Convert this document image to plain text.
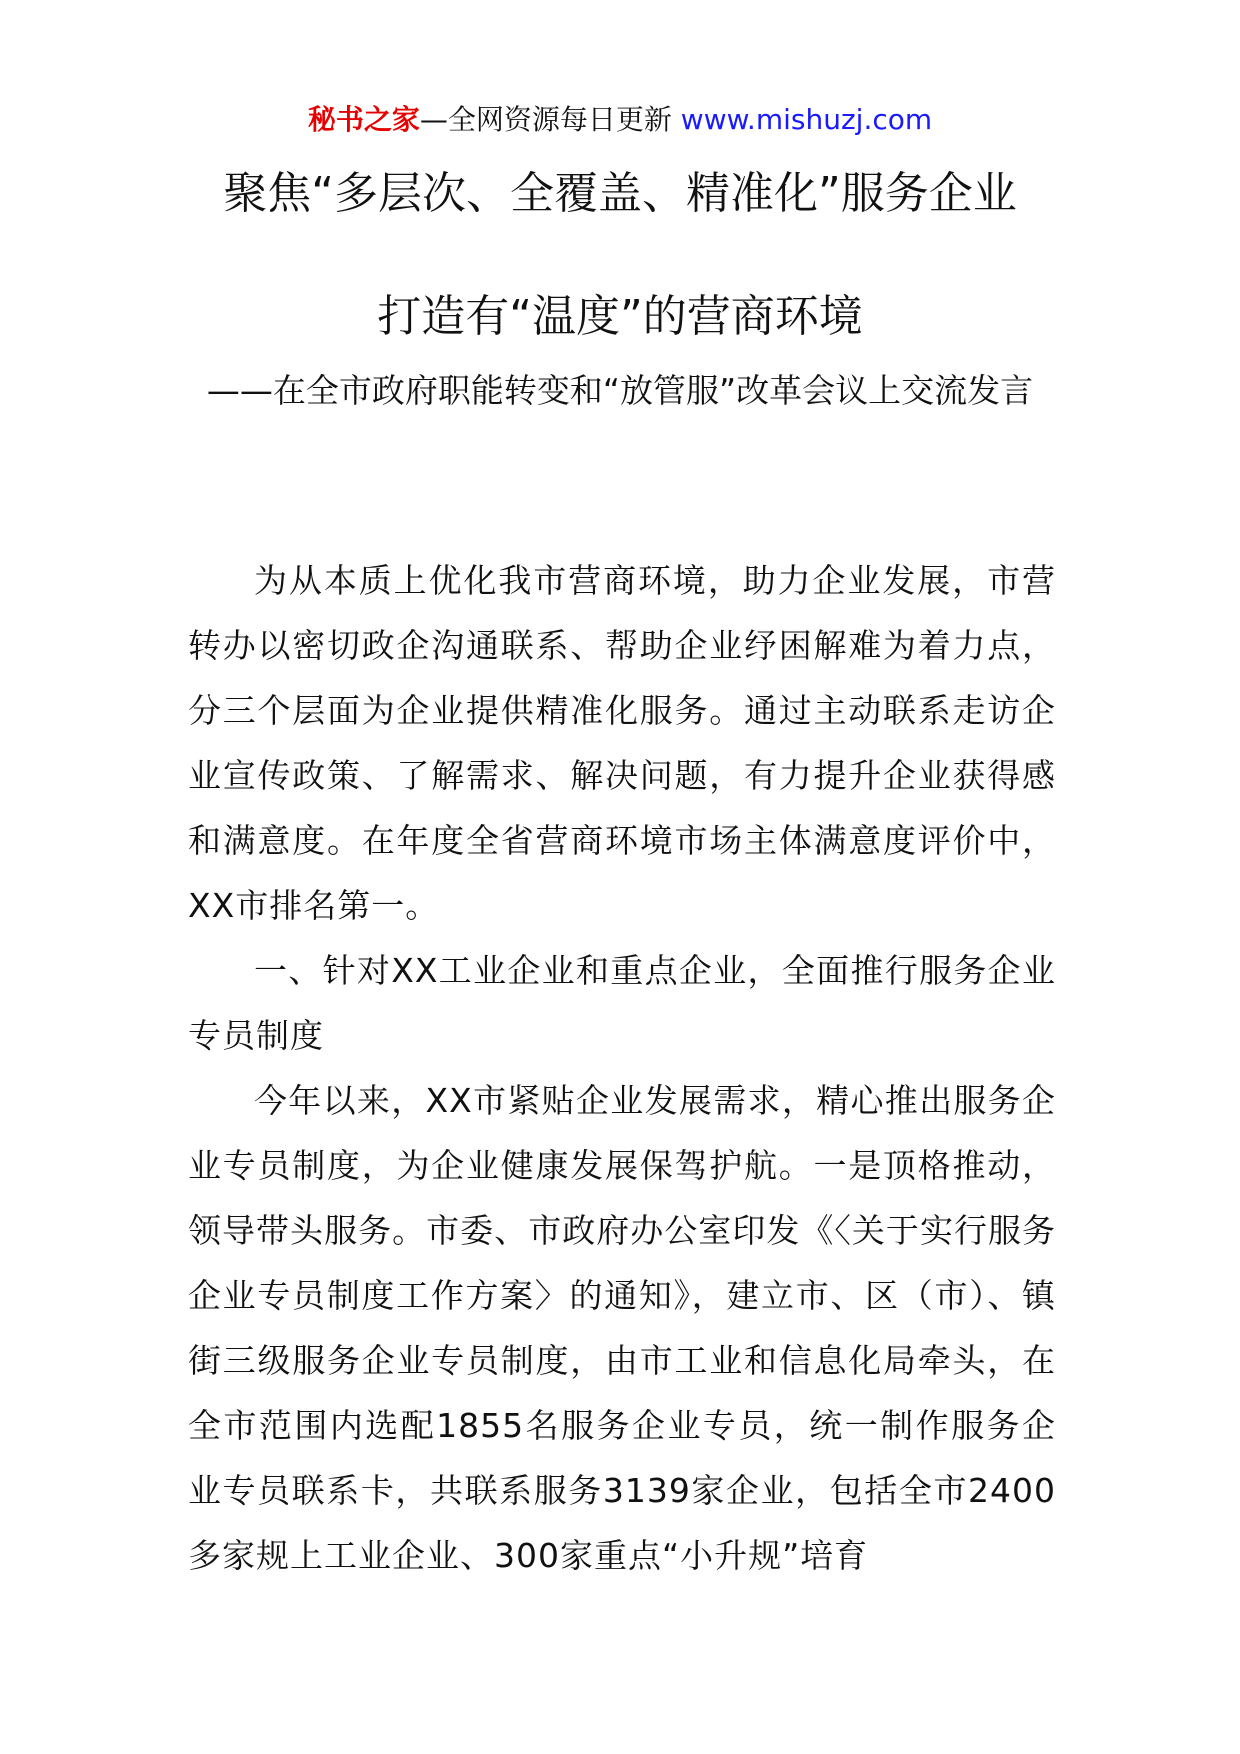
秘书之家—全网资源每日更新 www.mishuzj.com
聚焦“多层次、全覆盖、精准化”服务企业
打造有“温度”的营商环境
——在全市政府职能转变和“放管服”改革会议上交流发言

为从本质上优化我市营商环境，助力企业发展，市营转办以密切政企沟通联系、帮助企业纾困解难为着力点，分三个层面为企业提供精准化服务。通过主动联系走访企业宣传政策、了解需求、解决问题，有力提升企业获得感和满意度。在年度全省营商环境市场主体满意度评价中，XX市排名第一。

一、针对XX工业企业和重点企业，全面推行服务企业专员制度

今年以来，XX市紧贴企业发展需求，精心推出服务企业专员制度，为企业健康发展保驾护航。一是顶格推动，领导带头服务。市委、市政府办公室印发《〈关于实行服务企业专员制度工作方案〉的通知》，建立市、区（市）、镇街三级服务企业专员制度，由市工业和信息化局牵头，在全市范围内选配1855名服务企业专员，统一制作服务企业专员联系卡，共联系服务3139家企业，包括全市2400多家规上工业企业、300家重点“小升规”培育
